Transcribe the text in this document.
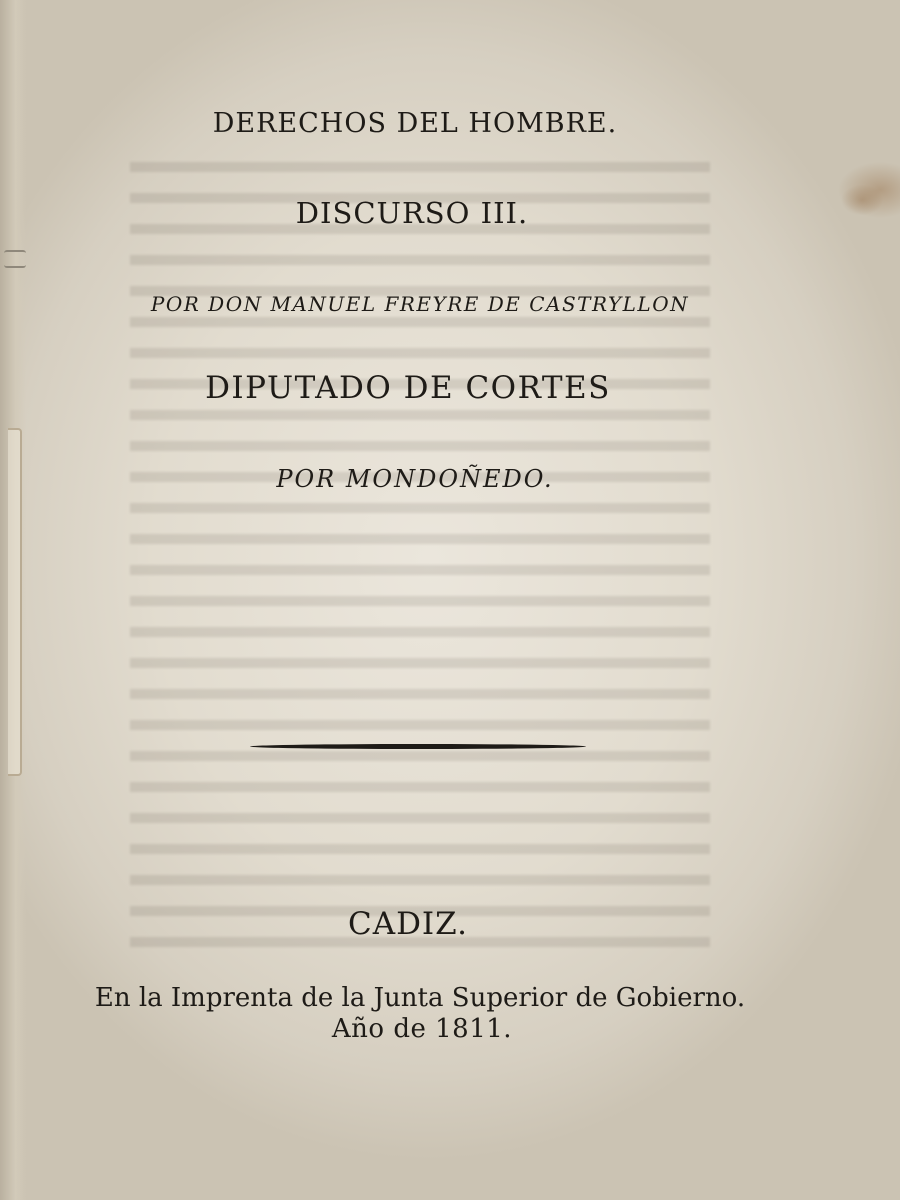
DERECHOS DEL HOMBRE.
DISCURSO III.
POR DON MANUEL FREYRE DE CASTRYLLON
DIPUTADO DE CORTES
POR MONDOÑEDO.
CADIZ.
En la Imprenta de la Junta Superior de Gobierno.
Año de 1811.
